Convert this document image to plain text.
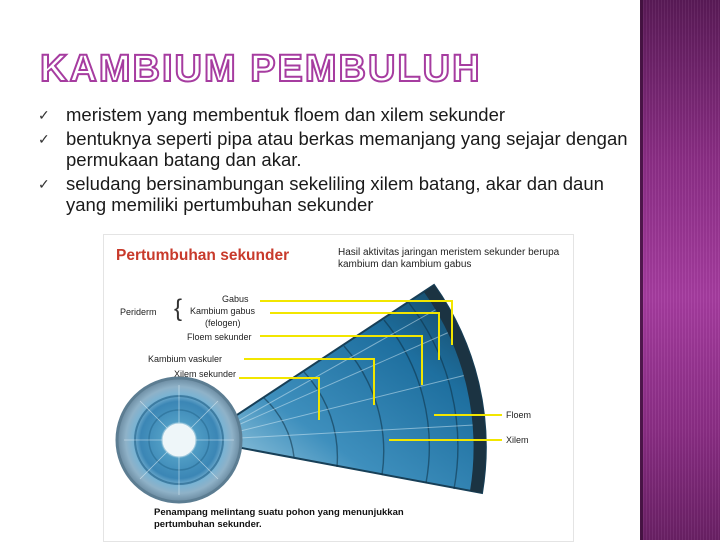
KAMBIUM PEMBULUH
✓ meristem yang membentuk floem dan xilem sekunder
✓ bentuknya seperti pipa atau berkas memanjang yang sejajar dengan permukaan batang dan akar.
✓ seludang bersinambungan sekeliling xilem batang, akar dan daun yang memiliki pertumbuhan sekunder
Pertumbuhan sekunder	Hasil aktivitas jaringan meristem sekunder berupa kambium dan kambium gabus
Periderm {	Gabus
Kambium gabus
(felogen)
Floem sekunder
Kambium vaskuler
Xilem sekunder
Floem
Xilem
Penampang melintang suatu pohon yang menunjukkan pertumbuhan sekunder.
